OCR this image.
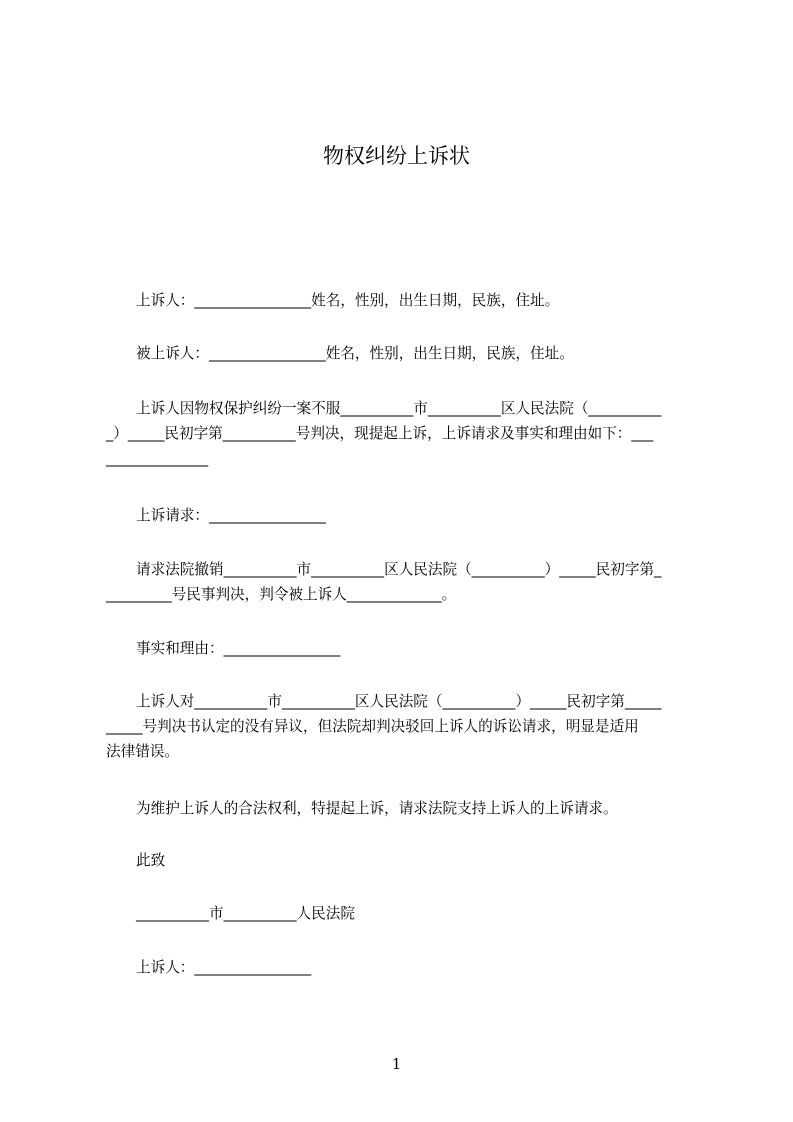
物权纠纷上诉状

上诉人：________________姓名，性别，出生日期，民族，住址。

被上诉人：________________姓名，性别，出生日期，民族，住址。

上诉人因物权保护纠纷一案不服__________市__________区人民法院（__________
_）_____民初字第__________号判决，现提起上诉，上诉请求及事实和理由如下：___
______________

上诉请求：________________

请求法院撤销__________市__________区人民法院（__________）_____民初字第_
_________号民事判决，判令被上诉人_____________。

事实和理由：________________

上诉人对__________市__________区人民法院（__________）_____民初字第_____
_____号判决书认定的没有异议，但法院却判决驳回上诉人的诉讼请求，明显是适用
法律错误。

为维护上诉人的合法权利，特提起上诉，请求法院支持上诉人的上诉请求。

此致

__________市__________人民法院

上诉人：________________

1
